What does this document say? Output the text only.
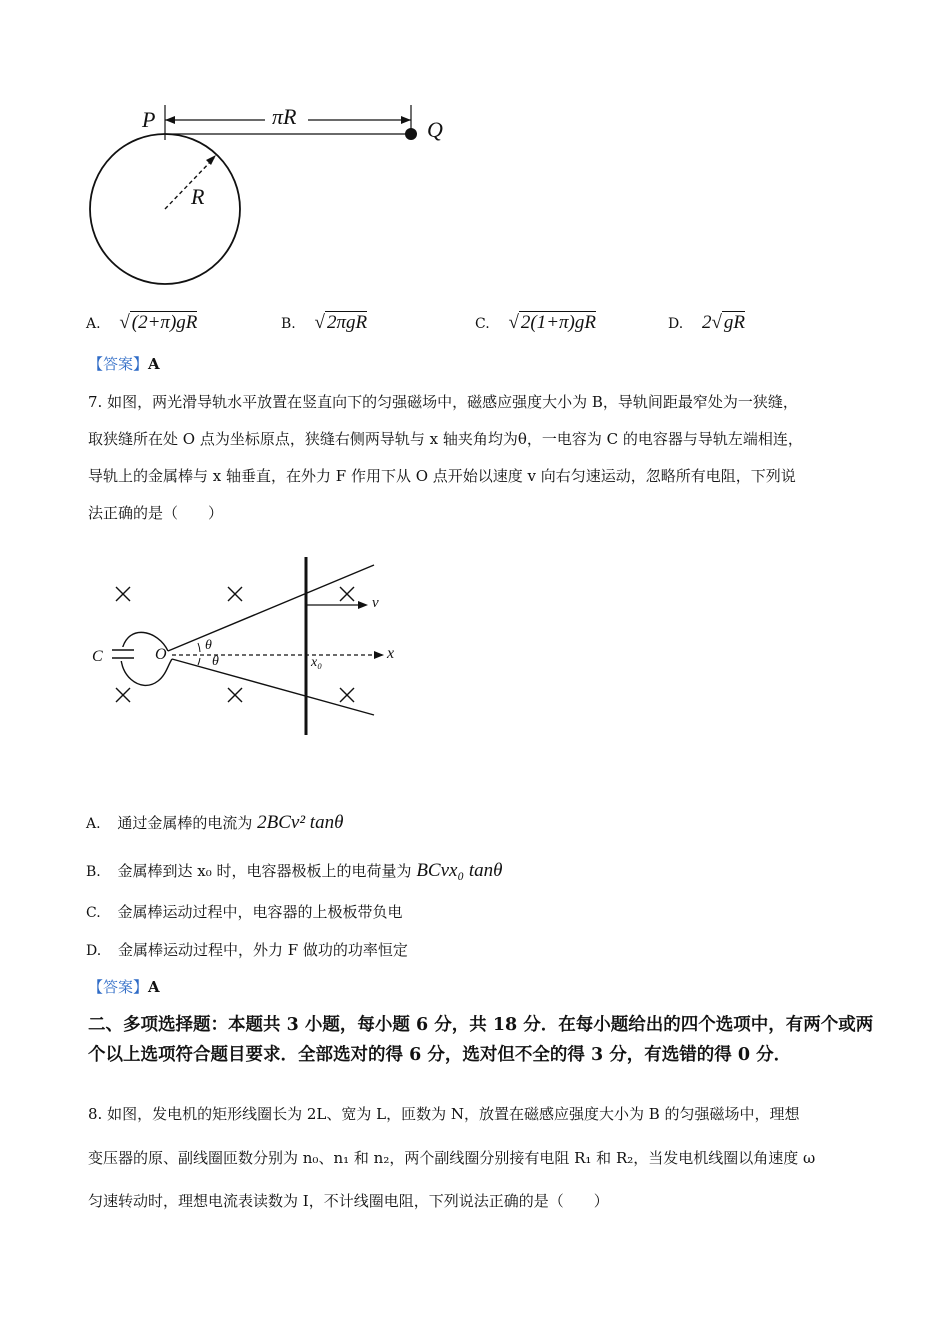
P	πR
Q
R
A. √ (2+π)gR	B. √ 2πgR	C. √ 2(1+π)gR	D. 2√ gR
【答案】A
7. 如图，两光滑导轨水平放置在竖直向下的匀强磁场中，磁感应强度大小为 B，导轨间距最窄处为一狭缝，
取狭缝所在处 O 点为坐标原点，狭缝右侧两导轨与 x 轴夹角均为θ，一电容为 C 的电容器与导轨左端相连，
导轨上的金属棒与 x 轴垂直，在外力 F 作用下从 O 点开始以速度 v 向右匀速运动，忽略所有电阻，下列说
法正确的是（　　）
C	O
θ
θ	x₀
x
v
A. 通过金属棒的电流为 2BCv² tanθ
B. 金属棒到达 x₀ 时，电容器极板上的电荷量为 BCvx₀ tanθ
C. 金属棒运动过程中，电容器的上极板带负电
D. 金属棒运动过程中，外力 F 做功的功率恒定
【答案】A
二、多项选择题：本题共 3 小题，每小题 6 分，共 18 分．在每小题给出的四个选项中，有两个或两个以上选项符合题目要求．全部选对的得 6 分，选对但不全的得 3 分，有选错的得 0 分．
8. 如图，发电机的矩形线圈长为 2L、宽为 L，匝数为 N，放置在磁感应强度大小为 B 的匀强磁场中，理想
变压器的原、副线圈匝数分别为 n₀、n₁ 和 n₂，两个副线圈分别接有电阻 R₁ 和 R₂，当发电机线圈以角速度 ω
匀速转动时，理想电流表读数为 I，不计线圈电阻，下列说法正确的是（　　）
